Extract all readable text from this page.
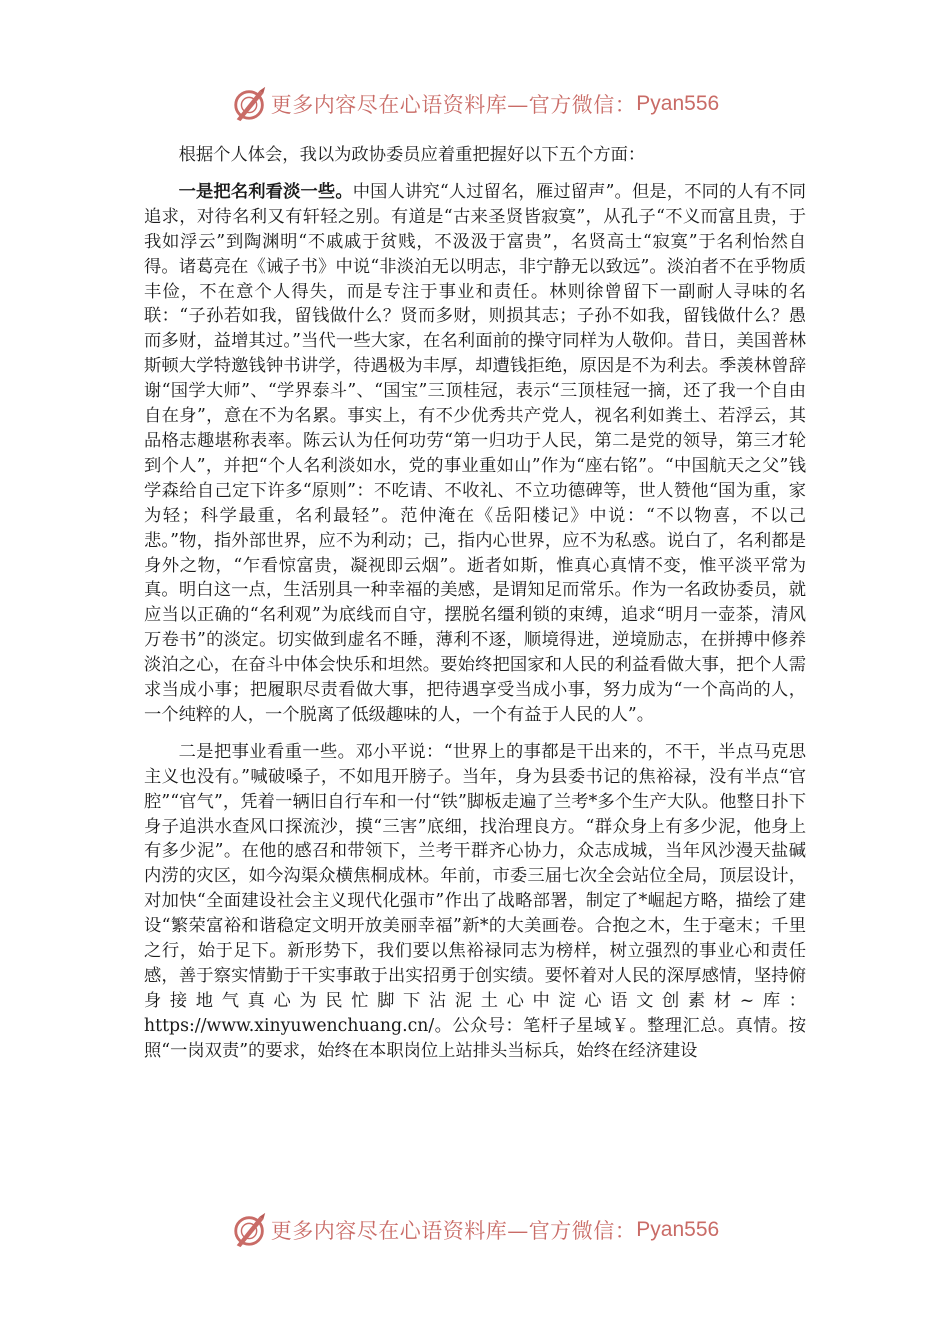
更多内容尽在心语资料库—官方微信： Pyan556

根据个人体会，我以为政协委员应着重把握好以下五个方面：

一是把名利看淡一些。中国人讲究“人过留名，雁过留声”。但是，不同的人有不同追求，对待名利又有轩轻之别。有道是“古来圣贤皆寂寞”，从孔子“不义而富且贵，于我如浮云”到陶渊明“不戚戚于贫贱，不汲汲于富贵”，名贤高士“寂寞”于名利怡然自得。诸葛亮在《诫子书》中说“非淡泊无以明志，非宁静无以致远”。淡泊者不在乎物质丰俭，不在意个人得失，而是专注于事业和责任。林则徐曾留下一副耐人寻味的名联：“子孙若如我，留钱做什么？贤而多财，则损其志；子孙不如我，留钱做什么？愚而多财，益增其过。”当代一些大家，在名利面前的操守同样为人敬仰。昔日，美国普林斯顿大学特邀钱钟书讲学，待遇极为丰厚，却遭钱拒绝，原因是不为利去。季羡林曾辞谢“国学大师”、“学界泰斗”、“国宝”三顶桂冠，表示“三顶桂冠一摘，还了我一个自由自在身”，意在不为名累。事实上，有不少优秀共产党人，视名利如粪土、若浮云，其品格志趣堪称表率。陈云认为任何功劳“第一归功于人民，第二是党的领导，第三才轮到个人”，并把“个人名利淡如水，党的事业重如山”作为“座右铭”。“中国航天之父”钱学森给自己定下许多“原则”：不吃请、不收礼、不立功德碑等，世人赞他“国为重，家为轻；科学最重，名利最轻”。范仲淹在《岳阳楼记》中说：“不以物喜，不以己悲。”物，指外部世界，应不为利动；己，指内心世界，应不为私惑。说白了，名利都是身外之物，“乍看惊富贵，凝视即云烟”。逝者如斯，惟真心真情不变，惟平淡平常为真。明白这一点，生活别具一种幸福的美感，是谓知足而常乐。作为一名政协委员，就应当以正确的“名利观”为底线而自守，摆脱名缰利锁的束缚，追求“明月一壶茶，清风万卷书”的淡定。切实做到虚名不睡，薄利不逐，顺境得进，逆境励志，在拼搏中修养淡泊之心，在奋斗中体会快乐和坦然。要始终把国家和人民的利益看做大事，把个人需求当成小事；把履职尽责看做大事，把待遇享受当成小事，努力成为“一个高尚的人，一个纯粹的人，一个脱离了低级趣味的人，一个有益于人民的人”。

二是把事业看重一些。邓小平说：“世界上的事都是干出来的，不干，半点马克思主义也没有。”喊破嗓子，不如甩开膀子。当年，身为县委书记的焦裕禄，没有半点“官腔”“官气”，凭着一辆旧自行车和一付“铁”脚板走遍了兰考*多个生产大队。他整日扑下身子追洪水查风口探流沙，摸“三害”底细，找治理良方。“群众身上有多少泥，他身上有多少泥”。在他的感召和带领下，兰考干群齐心协力，众志成城，当年风沙漫天盐碱内涝的灾区，如今沟渠众横焦桐成林。年前，市委三届七次全会站位全局，顶层设计，对加快“全面建设社会主义现代化强市”作出了战略部署，制定了*崛起方略，描绘了建设“繁荣富裕和谐稳定文明开放美丽幸福”新*的大美画卷。合抱之木，生于毫末；千里之行，始于足下。新形势下，我们要以焦裕禄同志为榜样，树立强烈的事业心和责任感，善于察实情勤于干实事敢于出实招勇于创实绩。要怀着对人民的深厚感情，坚持俯身接地气真心为民忙脚下沾泥土心中淀心语文创素材~库：https://www.xinyuwenchuang.cn/。公众号：笔杆子星域￥。整理汇总。真情。按照“一岗双责”的要求，始终在本职岗位上站排头当标兵，始终在经济建设

更多内容尽在心语资料库—官方微信： Pyan556
